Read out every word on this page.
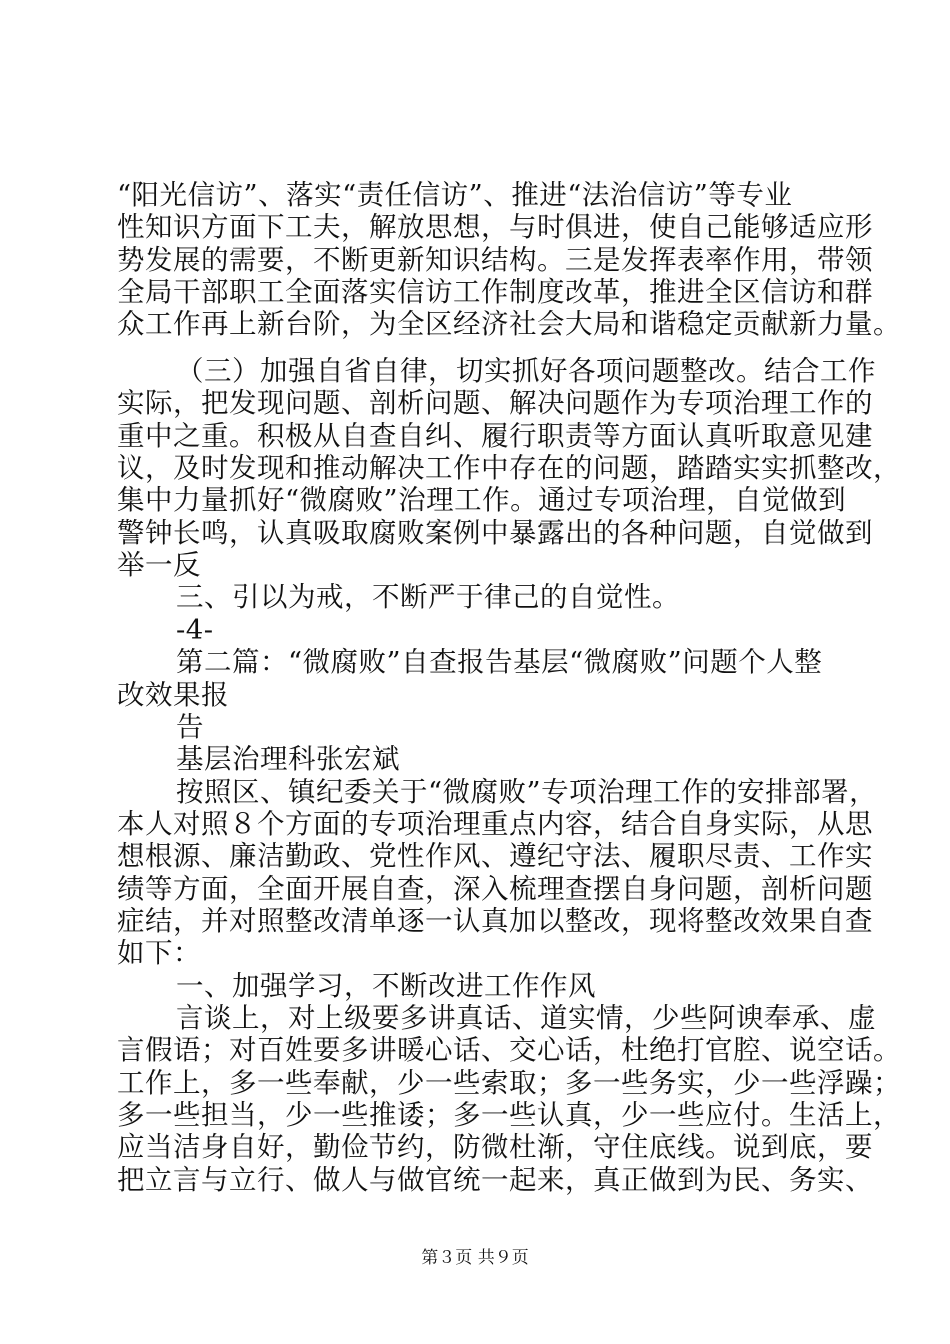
“阳光信访”、落实“责任信访”、推进“法治信访”等专业
性知识方面下工夫，解放思想，与时俱进，使自己能够适应形
势发展的需要，不断更新知识结构。三是发挥表率作用，带领
全局干部职工全面落实信访工作制度改革，推进全区信访和群
众工作再上新台阶，为全区经济社会大局和谐稳定贡献新力量。
（三）加强自省自律，切实抓好各项问题整改。结合工作
实际，把发现问题、剖析问题、解决问题作为专项治理工作的
重中之重。积极从自查自纠、履行职责等方面认真听取意见建
议，及时发现和推动解决工作中存在的问题，踏踏实实抓整改，
集中力量抓好“微腐败”治理工作。通过专项治理，自觉做到
警钟长鸣，认真吸取腐败案例中暴露出的各种问题，自觉做到
举一反
三、引以为戒，不断严于律己的自觉性。
-4-
第二篇：“微腐败”自查报告基层“微腐败”问题个人整
改效果报
告
基层治理科张宏斌
按照区、镇纪委关于“微腐败”专项治理工作的安排部署，
本人对照８个方面的专项治理重点内容，结合自身实际，从思
想根源、廉洁勤政、党性作风、遵纪守法、履职尽责、工作实
绩等方面，全面开展自查，深入梳理查摆自身问题，剖析问题
症结，并对照整改清单逐一认真加以整改，现将整改效果自查
如下：
一、加强学习，不断改进工作作风
言谈上，对上级要多讲真话、道实情，少些阿谀奉承、虚
言假语；对百姓要多讲暖心话、交心话，杜绝打官腔、说空话。
工作上，多一些奉献，少一些索取；多一些务实，少一些浮躁；
多一些担当，少一些推诿；多一些认真，少一些应付。生活上，
应当洁身自好，勤俭节约，防微杜渐，守住底线。说到底，要
把立言与立行、做人与做官统一起来，真正做到为民、务实、
第３页 共９页
